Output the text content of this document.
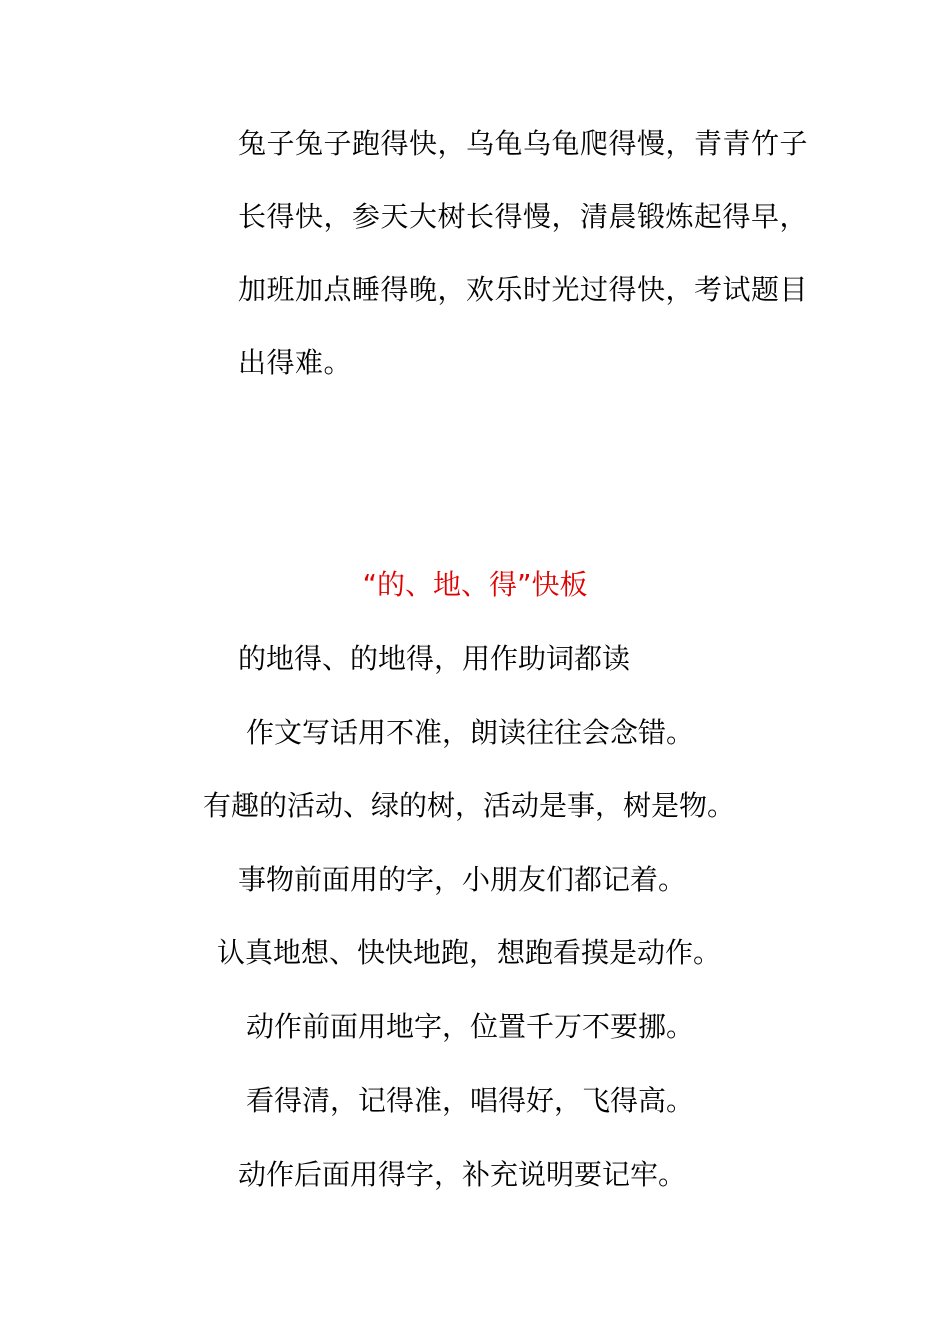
兔子兔子跑得快，乌龟乌龟爬得慢，青青竹子
长得快，参天大树长得慢，清晨锻炼起得早，
加班加点睡得晚，欢乐时光过得快，考试题目
出得难。
“的、地、得”快板
的地得、的地得，用作助词都读
作文写话用不准，朗读往往会念错。
有趣的活动、绿的树，活动是事，树是物。
事物前面用的字，小朋友们都记着。
认真地想、快快地跑，想跑看摸是动作。
动作前面用地字，位置千万不要挪。
看得清，记得准，唱得好，飞得高。
动作后面用得字，补充说明要记牢。
